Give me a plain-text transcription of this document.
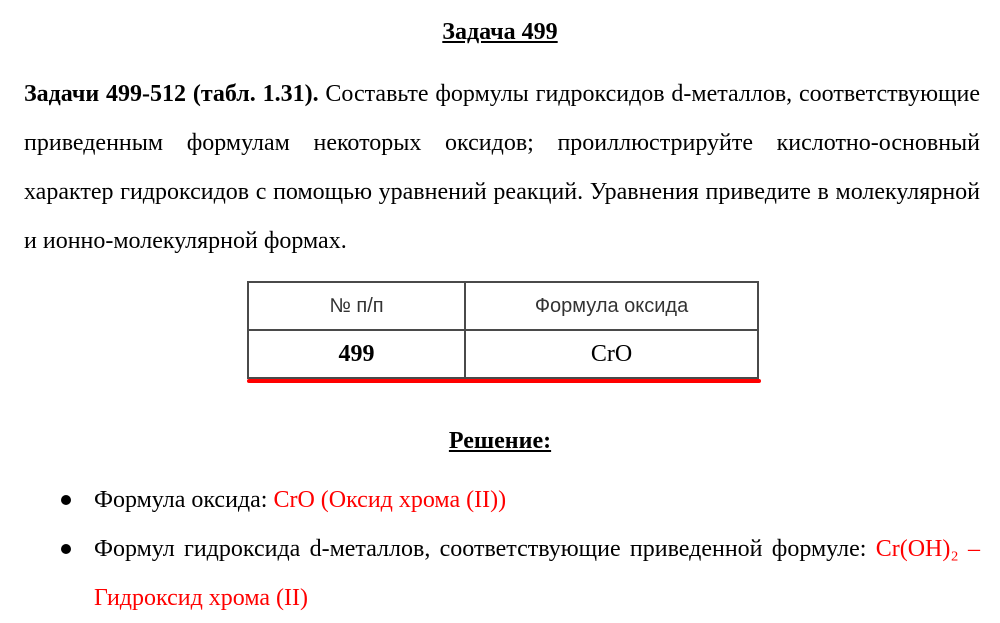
Задача 499
Задачи 499-512 (табл. 1.31). Составьте формулы гидроксидов d-металлов, соответствующие приведенным формулам некоторых оксидов; проиллюстрируйте кислотно-основный характер гидроксидов с помощью уравнений реакций. Уравнения приведите в молекулярной и ионно-молекулярной формах.
№ п/п	Формула оксида
499	CrO
Решение:
Формула оксида: CrO (Оксид хрома (II))
Формул гидроксида d-металлов, соответствующие приведенной формуле: Cr(OH)₂ – Гидроксид хрома (II)
